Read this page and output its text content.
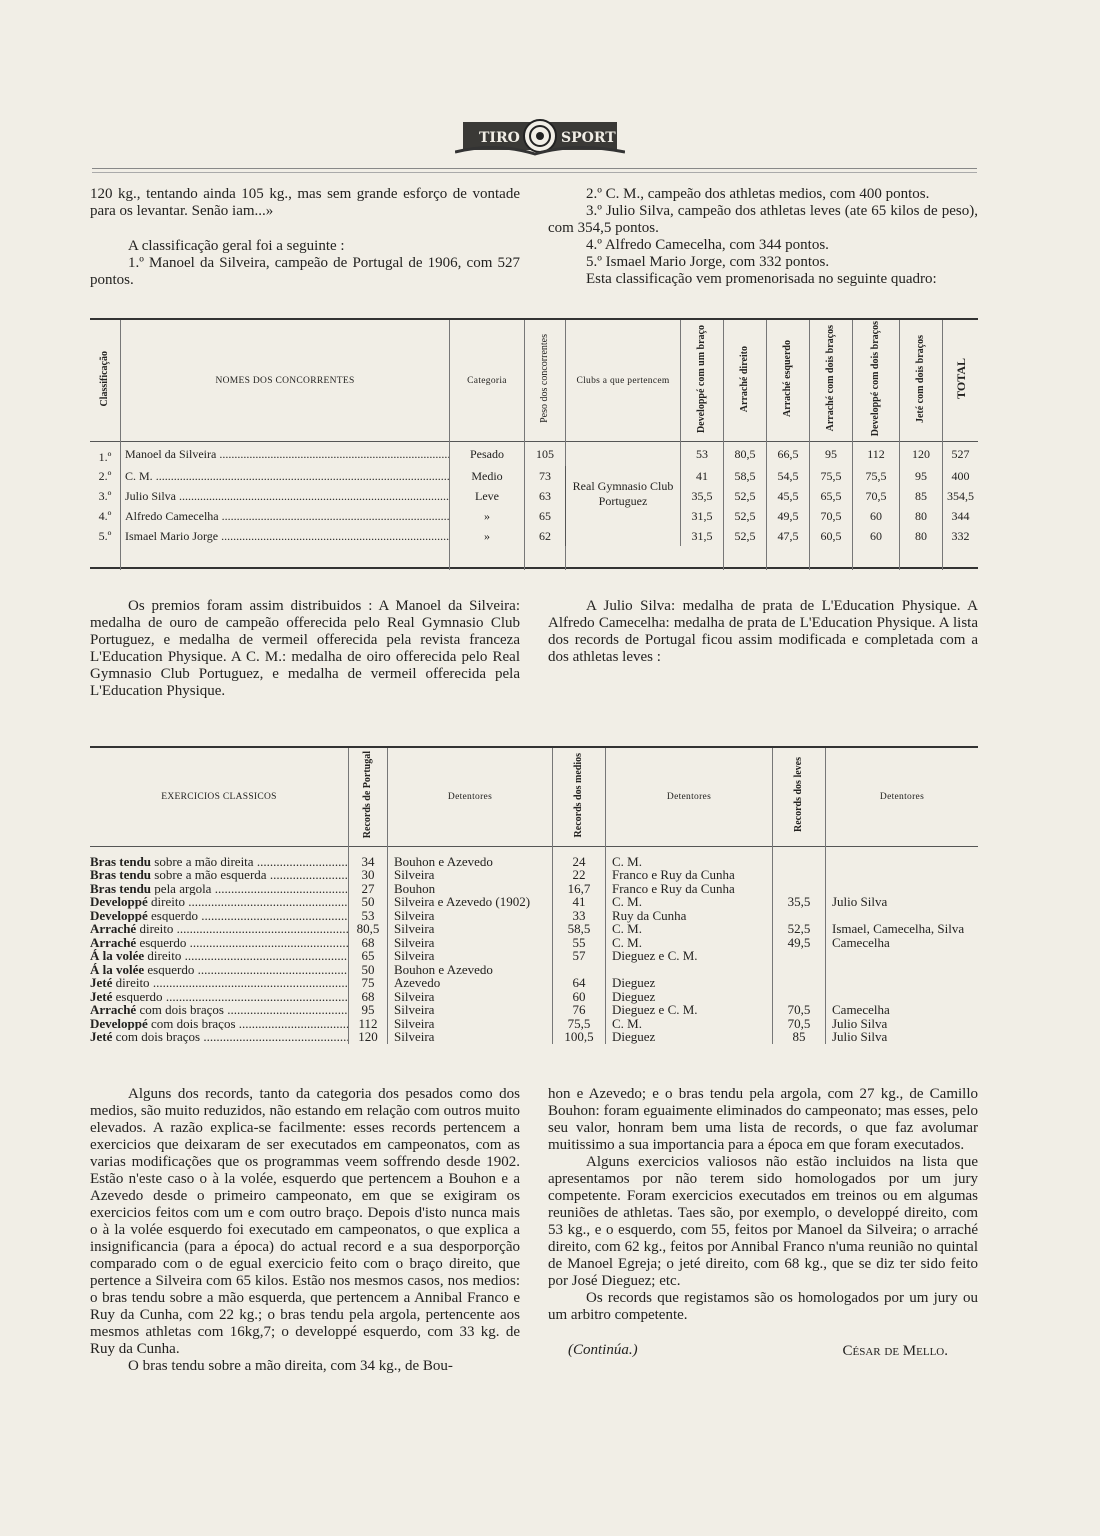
TIRO	SPORT

120 kg., tentando ainda 105 kg., mas sem grande esforço de vontade para os levantar. Senão iam...»

A classificação geral foi a seguinte :

1.º Manoel da Silveira, campeão de Portugal de 1906, com 527 pontos.

2.º C. M., campeão dos athletas medios, com 400 pontos.

3.º Julio Silva, campeão dos athletas leves (ate 65 kilos de peso), com 354,5 pontos.

4.º Alfredo Camecelha, com 344 pontos.

5.º Ismael Mario Jorge, com 332 pontos.

Esta classificação vem promenorisada no seguinte quadro:

Classificação	NOMES DOS CONCORRENTES	Categoria	Peso dos concorrentes	Clubs a que pertencem	Developpé com um braço	Arraché direito	Arraché esquerdo	Arraché com dois braços	Developpé com dois braços	Jeté com dois braços	TOTAL
1.º	Manoel da Silveira .....	Pesado	105	Real Gymnasio Club Portuguez	53	80,5	66,5	95	112	120	527
2.º	C. M. .....	Medio	73		41	58,5	54,5	75,5	75,5	95	400
3.º	Julio Silva .....	Leve	63		35,5	52,5	45,5	65,5	70,5	85	354,5
4.º	Alfredo Camecelha .....	»	65		31,5	52,5	49,5	70,5	60	80	344
5.º	Ismael Mario Jorge .....	»	62		31,5	52,5	47,5	60,5	60	80	332

Os premios foram assim distribuidos : A Manoel da Silveira: medalha de ouro de campeão offerecida pelo Real Gymnasio Club Portuguez, e medalha de vermeil offerecida pela revista franceza L'Education Physique. A C. M.: medalha de oiro offerecida pelo Real Gymnasio Club Portuguez, e medalha de vermeil offerecida pela L'Education Physique.

A Julio Silva: medalha de prata de L'Education Physique. A Alfredo Camecelha: medalha de prata de L'Education Physique. A lista dos records de Portugal ficou assim modificada e completada com a dos athletas leves :

EXERCICIOS CLASSICOS	Records de Portugal	Detentores	Records dos medios	Detentores	Records dos leves	Detentores
Bras tendu sobre a mão direita .....	34	Bouhon e Azevedo	24	C. M.		
Bras tendu sobre a mão esquerda .....	30	Silveira	22	Franco e Ruy da Cunha		
Bras tendu pela argola .....	27	Bouhon	16,7	Franco e Ruy da Cunha		
Developpé direito .....	50	Silveira e Azevedo (1902)	41	C. M.	35,5	Julio Silva
Developpé esquerdo .....	53	Silveira	33	Ruy da Cunha		
Arraché direito .....	80,5	Silveira	58,5	C. M.	52,5	Ismael, Camecelha, Silva
Arraché esquerdo .....	68	Silveira	55	C. M.	49,5	Camecelha
Á la volée direito .....	65	Silveira	57	Dieguez e C. M.		
Á la volée esquerdo .....	50	Bouhon e Azevedo				
Jeté direito .....	75	Azevedo	64	Dieguez		
Jeté esquerdo .....	68	Silveira	60	Dieguez		
Arraché com dois braços .....	95	Silveira	76	Dieguez e C. M.	70,5	Camecelha
Developpé com dois braços .....	112	Silveira	75,5	C. M.	70,5	Julio Silva
Jeté com dois braços .....	120	Silveira	100,5	Dieguez	85	Julio Silva

Alguns dos records, tanto da categoria dos pesados como dos medios, são muito reduzidos, não estando em relação com outros muito elevados. A razão explica-se facilmente: esses records pertencem a exercicios que deixaram de ser executados em campeonatos, com as varias modificações que os programmas veem soffrendo desde 1902. Estão n'este caso o à la volée, esquerdo que pertencem a Bouhon e a Azevedo desde o primeiro campeonato, em que se exigiram os exercicios feitos com um e com outro braço. Depois d'isto nunca mais o à la volée esquerdo foi executado em campeonatos, o que explica a insignificancia (para a época) do actual record e a sua desporporção comparado com o de egual exercicio feito com o braço direito, que pertence a Silveira com 65 kilos. Estão nos mesmos casos, nos medios: o bras tendu sobre a mão esquerda, que pertencem a Annibal Franco e Ruy da Cunha, com 22 kg.; o bras tendu pela argola, pertencente aos mesmos athletas com 16kg,7; o developpé esquerdo, com 33 kg. de Ruy da Cunha.

O bras tendu sobre a mão direita, com 34 kg., de Bou-

hon e Azevedo; e o bras tendu pela argola, com 27 kg., de Camillo Bouhon: foram eguaimente eliminados do campeonato; mas esses, pelo seu valor, honram bem uma lista de records, o que faz avolumar muitissimo a sua importancia para a época em que foram executados.

Alguns exercicios valiosos não estão incluidos na lista que apresentamos por não terem sido homologados por um jury competente. Foram exercicios executados em treinos ou em algumas reuniões de athletas. Taes são, por exemplo, o developpé direito, com 53 kg., e o esquerdo, com 55, feitos por Manoel da Silveira; o arraché direito, com 62 kg., feitos por Annibal Franco n'uma reunião no quintal de Manoel Egreja; o jeté direito, com 68 kg., que se diz ter sido feito por José Dieguez; etc.

Os records que registamos são os homologados por um jury ou um arbitro competente.

(Continúa.)	César de Mello.
